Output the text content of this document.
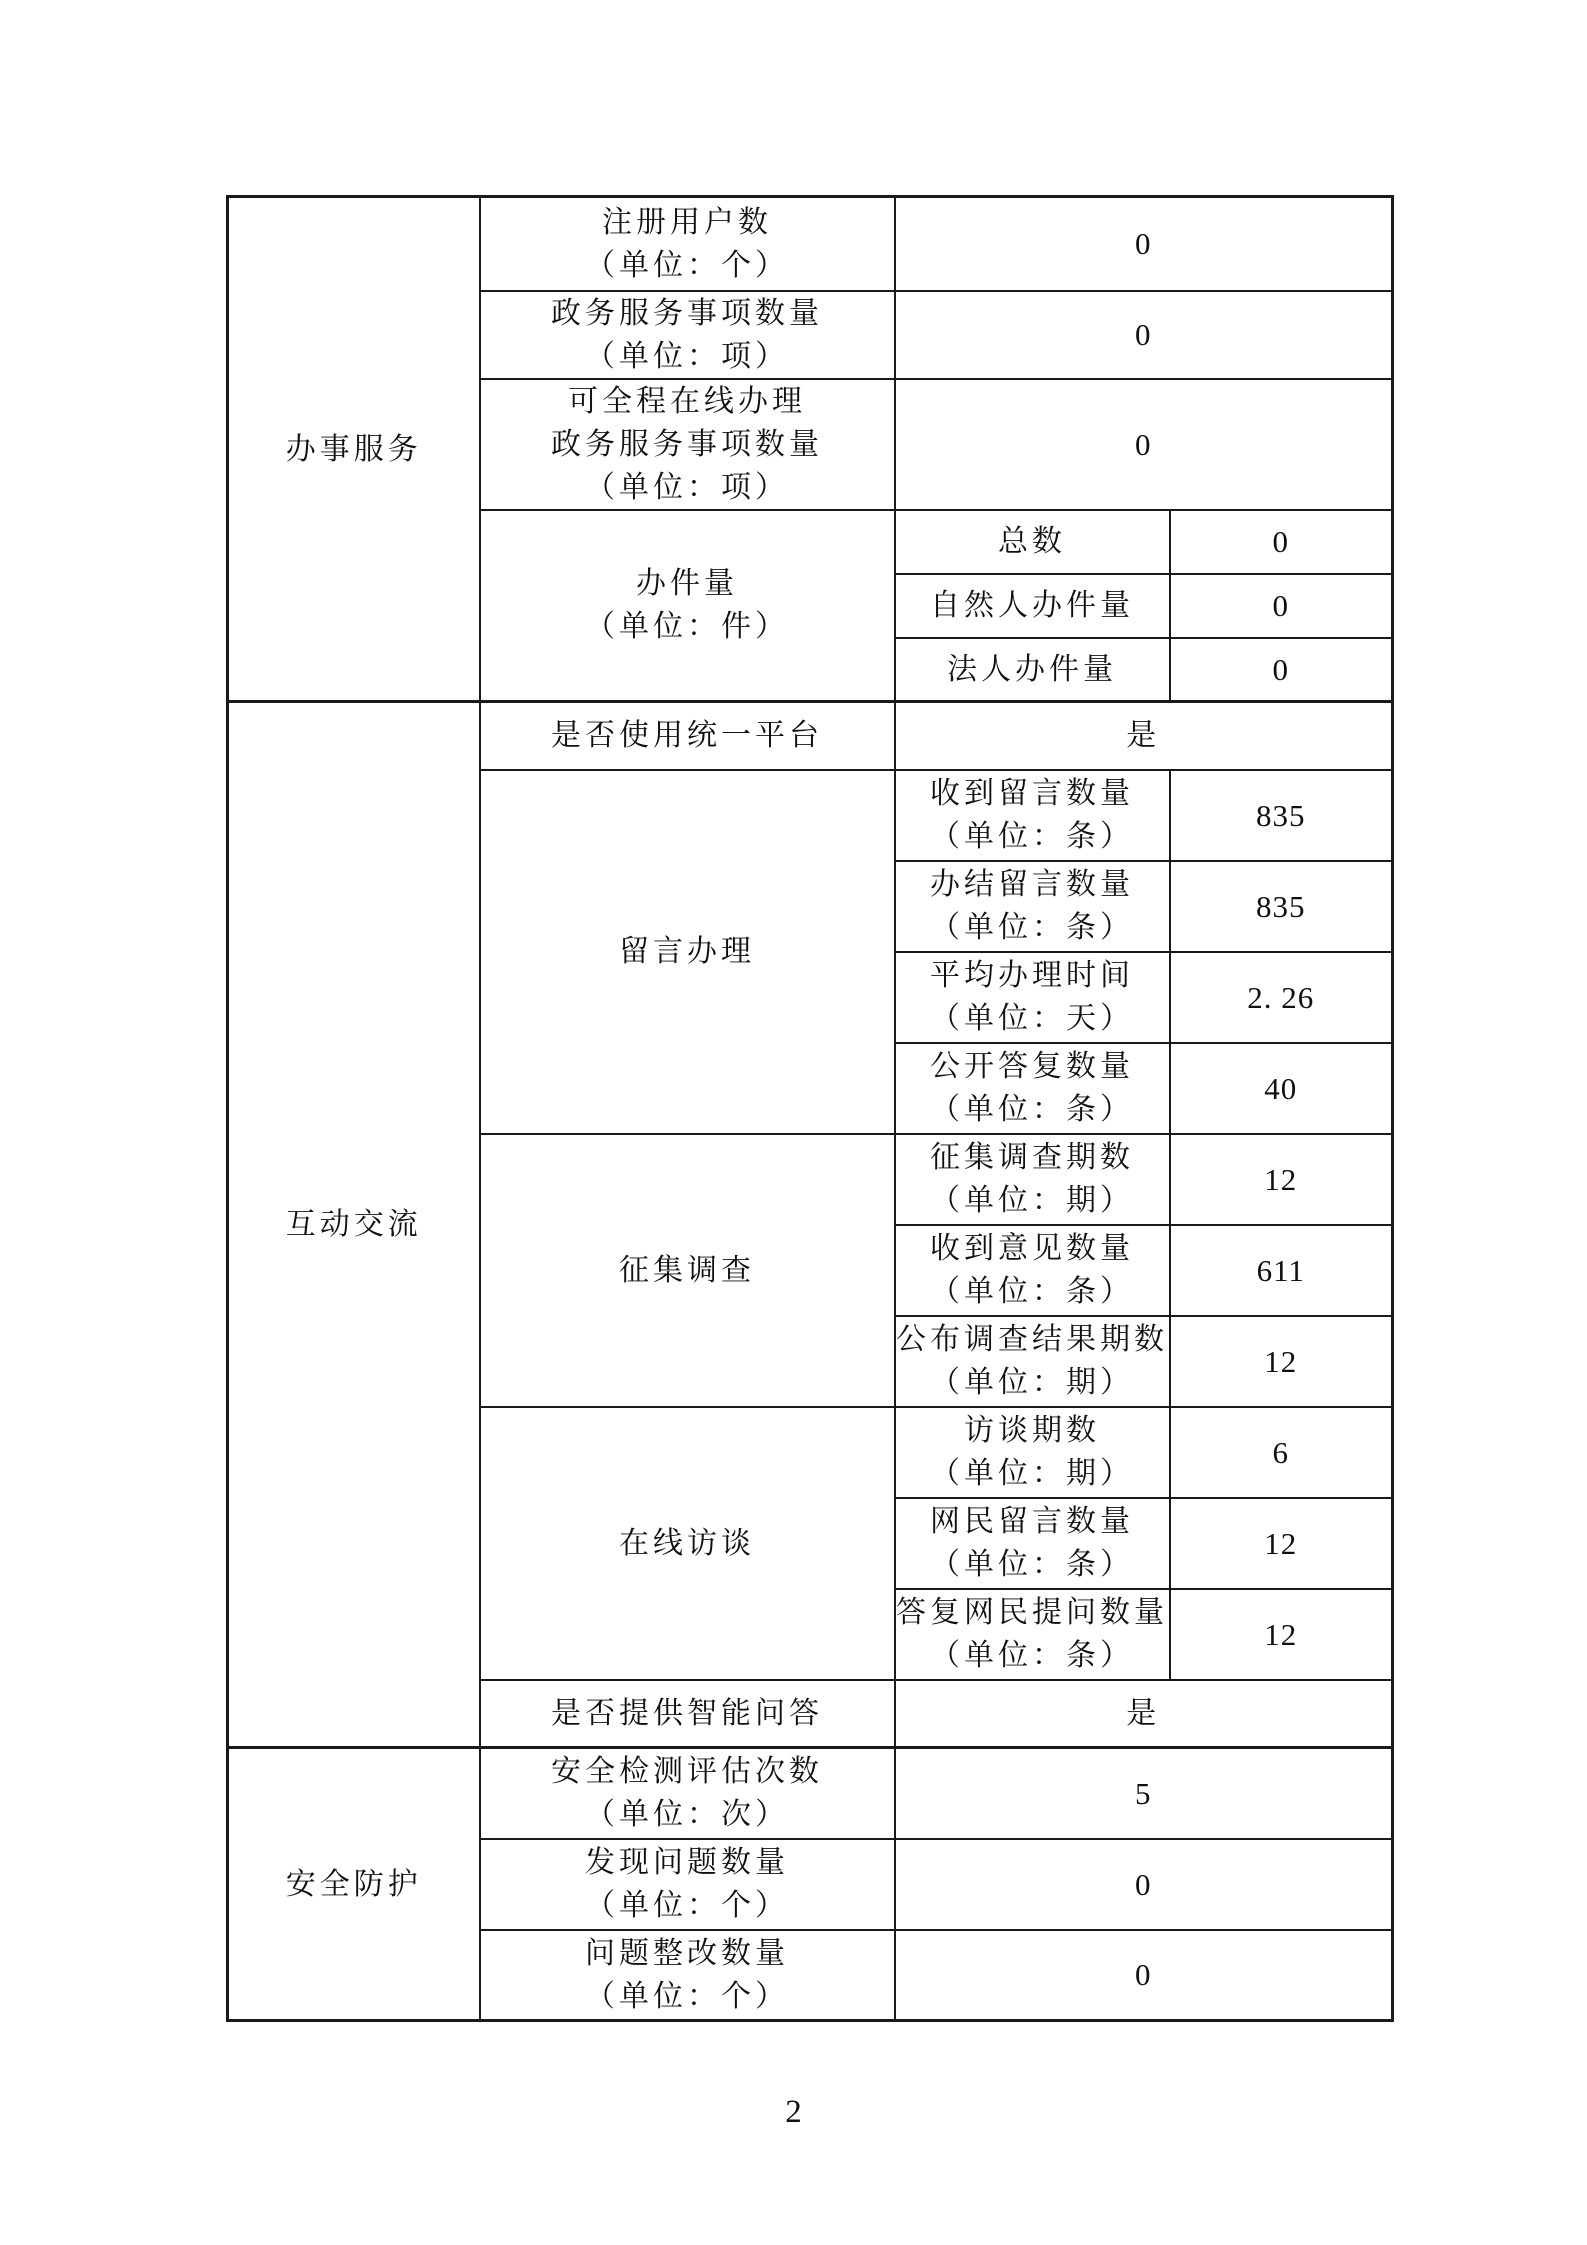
办事服务	注册用户数
（单位：个）	0	

	政务服务事项数量
（单位：项）	0	

	可全程在线办理
政务服务事项数量
（单位：项）	0	

	办件量
（单位：件）	总数	0

		自然人办件量	0

		法人办件量	0

互动交流	是否使用统一平台	是	

	留言办理	收到留言数量
（单位：条）	835

		办结留言数量
（单位：条）	835

		平均办理时间
（单位：天）	2. 26

		公开答复数量
（单位：条）	40

	征集调查	征集调查期数
（单位：期）	12

		收到意见数量
（单位：条）	611

		公布调查结果期数
（单位：期）	12

	在线访谈	访谈期数
（单位：期）	6

		网民留言数量
（单位：条）	12

		答复网民提问数量
（单位：条）	12

	是否提供智能问答	是	

安全防护	安全检测评估次数
（单位：次）	5	

	发现问题数量
（单位：个）	0	

	问题整改数量
（单位：个）	0	
2
